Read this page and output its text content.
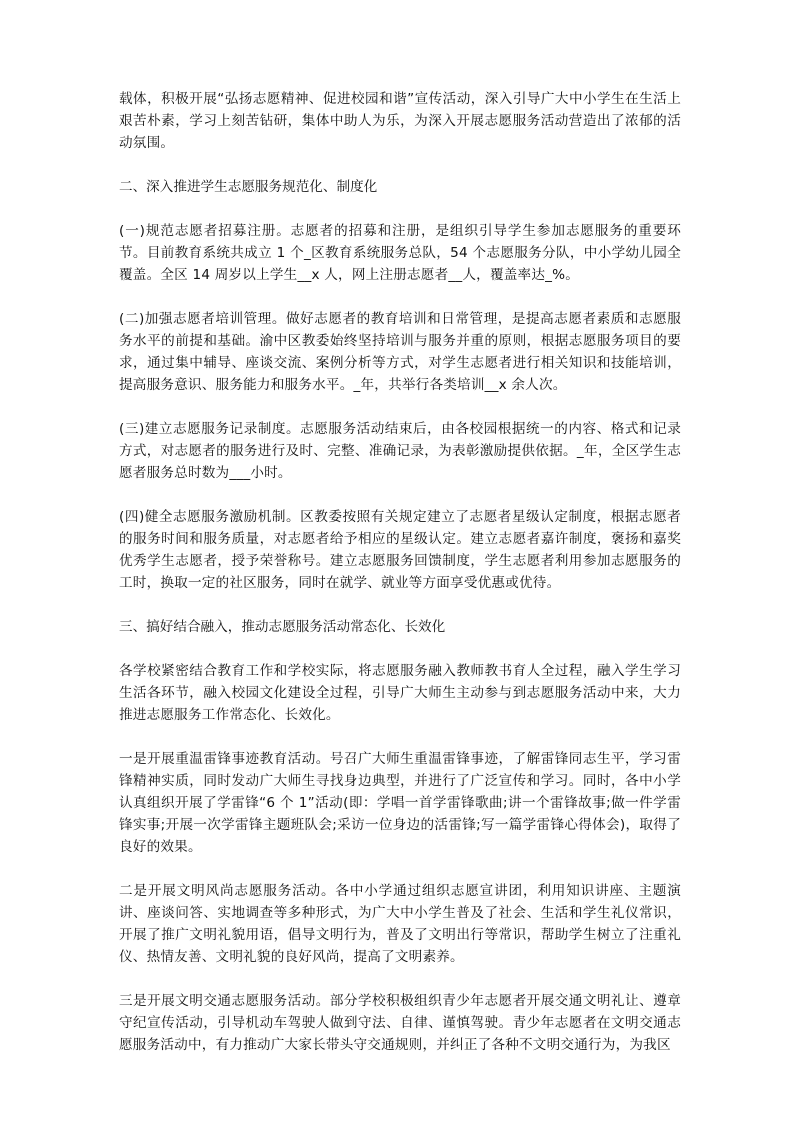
载体，积极开展“弘扬志愿精神、促进校园和谐”宣传活动，深入引导广大中小学生在生活上艰苦朴素，学习上刻苦钻研，集体中助人为乐，为深入开展志愿服务活动营造出了浓郁的活动氛围。

二、深入推进学生志愿服务规范化、制度化

(一)规范志愿者招募注册。志愿者的招募和注册，是组织引导学生参加志愿服务的重要环节。目前教育系统共成立 1 个_区教育系统服务总队，54 个志愿服务分队，中小学幼儿园全覆盖。全区 14 周岁以上学生__x 人，网上注册志愿者__人，覆盖率达_%。

(二)加强志愿者培训管理。做好志愿者的教育培训和日常管理，是提高志愿者素质和志愿服务水平的前提和基础。渝中区教委始终坚持培训与服务并重的原则，根据志愿服务项目的要求，通过集中辅导、座谈交流、案例分析等方式，对学生志愿者进行相关知识和技能培训，提高服务意识、服务能力和服务水平。_年，共举行各类培训__x 余人次。

(三)建立志愿服务记录制度。志愿服务活动结束后，由各校园根据统一的内容、格式和记录方式，对志愿者的服务进行及时、完整、准确记录，为表彰激励提供依据。_年，全区学生志愿者服务总时数为___小时。

(四)健全志愿服务激励机制。区教委按照有关规定建立了志愿者星级认定制度，根据志愿者的服务时间和服务质量，对志愿者给予相应的星级认定。建立志愿者嘉许制度，褒扬和嘉奖优秀学生志愿者，授予荣誉称号。建立志愿服务回馈制度，学生志愿者利用参加志愿服务的工时，换取一定的社区服务，同时在就学、就业等方面享受优惠或优待。

三、搞好结合融入，推动志愿服务活动常态化、长效化

各学校紧密结合教育工作和学校实际，将志愿服务融入教师教书育人全过程，融入学生学习生活各环节，融入校园文化建设全过程，引导广大师生主动参与到志愿服务活动中来，大力推进志愿服务工作常态化、长效化。

一是开展重温雷锋事迹教育活动。号召广大师生重温雷锋事迹，了解雷锋同志生平，学习雷锋精神实质，同时发动广大师生寻找身边典型，并进行了广泛宣传和学习。同时，各中小学认真组织开展了学雷锋“6 个 1”活动(即：学唱一首学雷锋歌曲;讲一个雷锋故事;做一件学雷锋实事;开展一次学雷锋主题班队会;采访一位身边的活雷锋;写一篇学雷锋心得体会)，取得了良好的效果。

二是开展文明风尚志愿服务活动。各中小学通过组织志愿宣讲团，利用知识讲座、主题演讲、座谈问答、实地调查等多种形式，为广大中小学生普及了社会、生活和学生礼仪常识，开展了推广文明礼貌用语，倡导文明行为，普及了文明出行等常识，帮助学生树立了注重礼仪、热情友善、文明礼貌的良好风尚，提高了文明素养。

三是开展文明交通志愿服务活动。部分学校积极组织青少年志愿者开展交通文明礼让、遵章守纪宣传活动，引导机动车驾驶人做到守法、自律、谨慎驾驶。青少年志愿者在文明交通志愿服务活动中，有力推动广大家长带头守交通规则，并纠正了各种不文明交通行为，为我区
